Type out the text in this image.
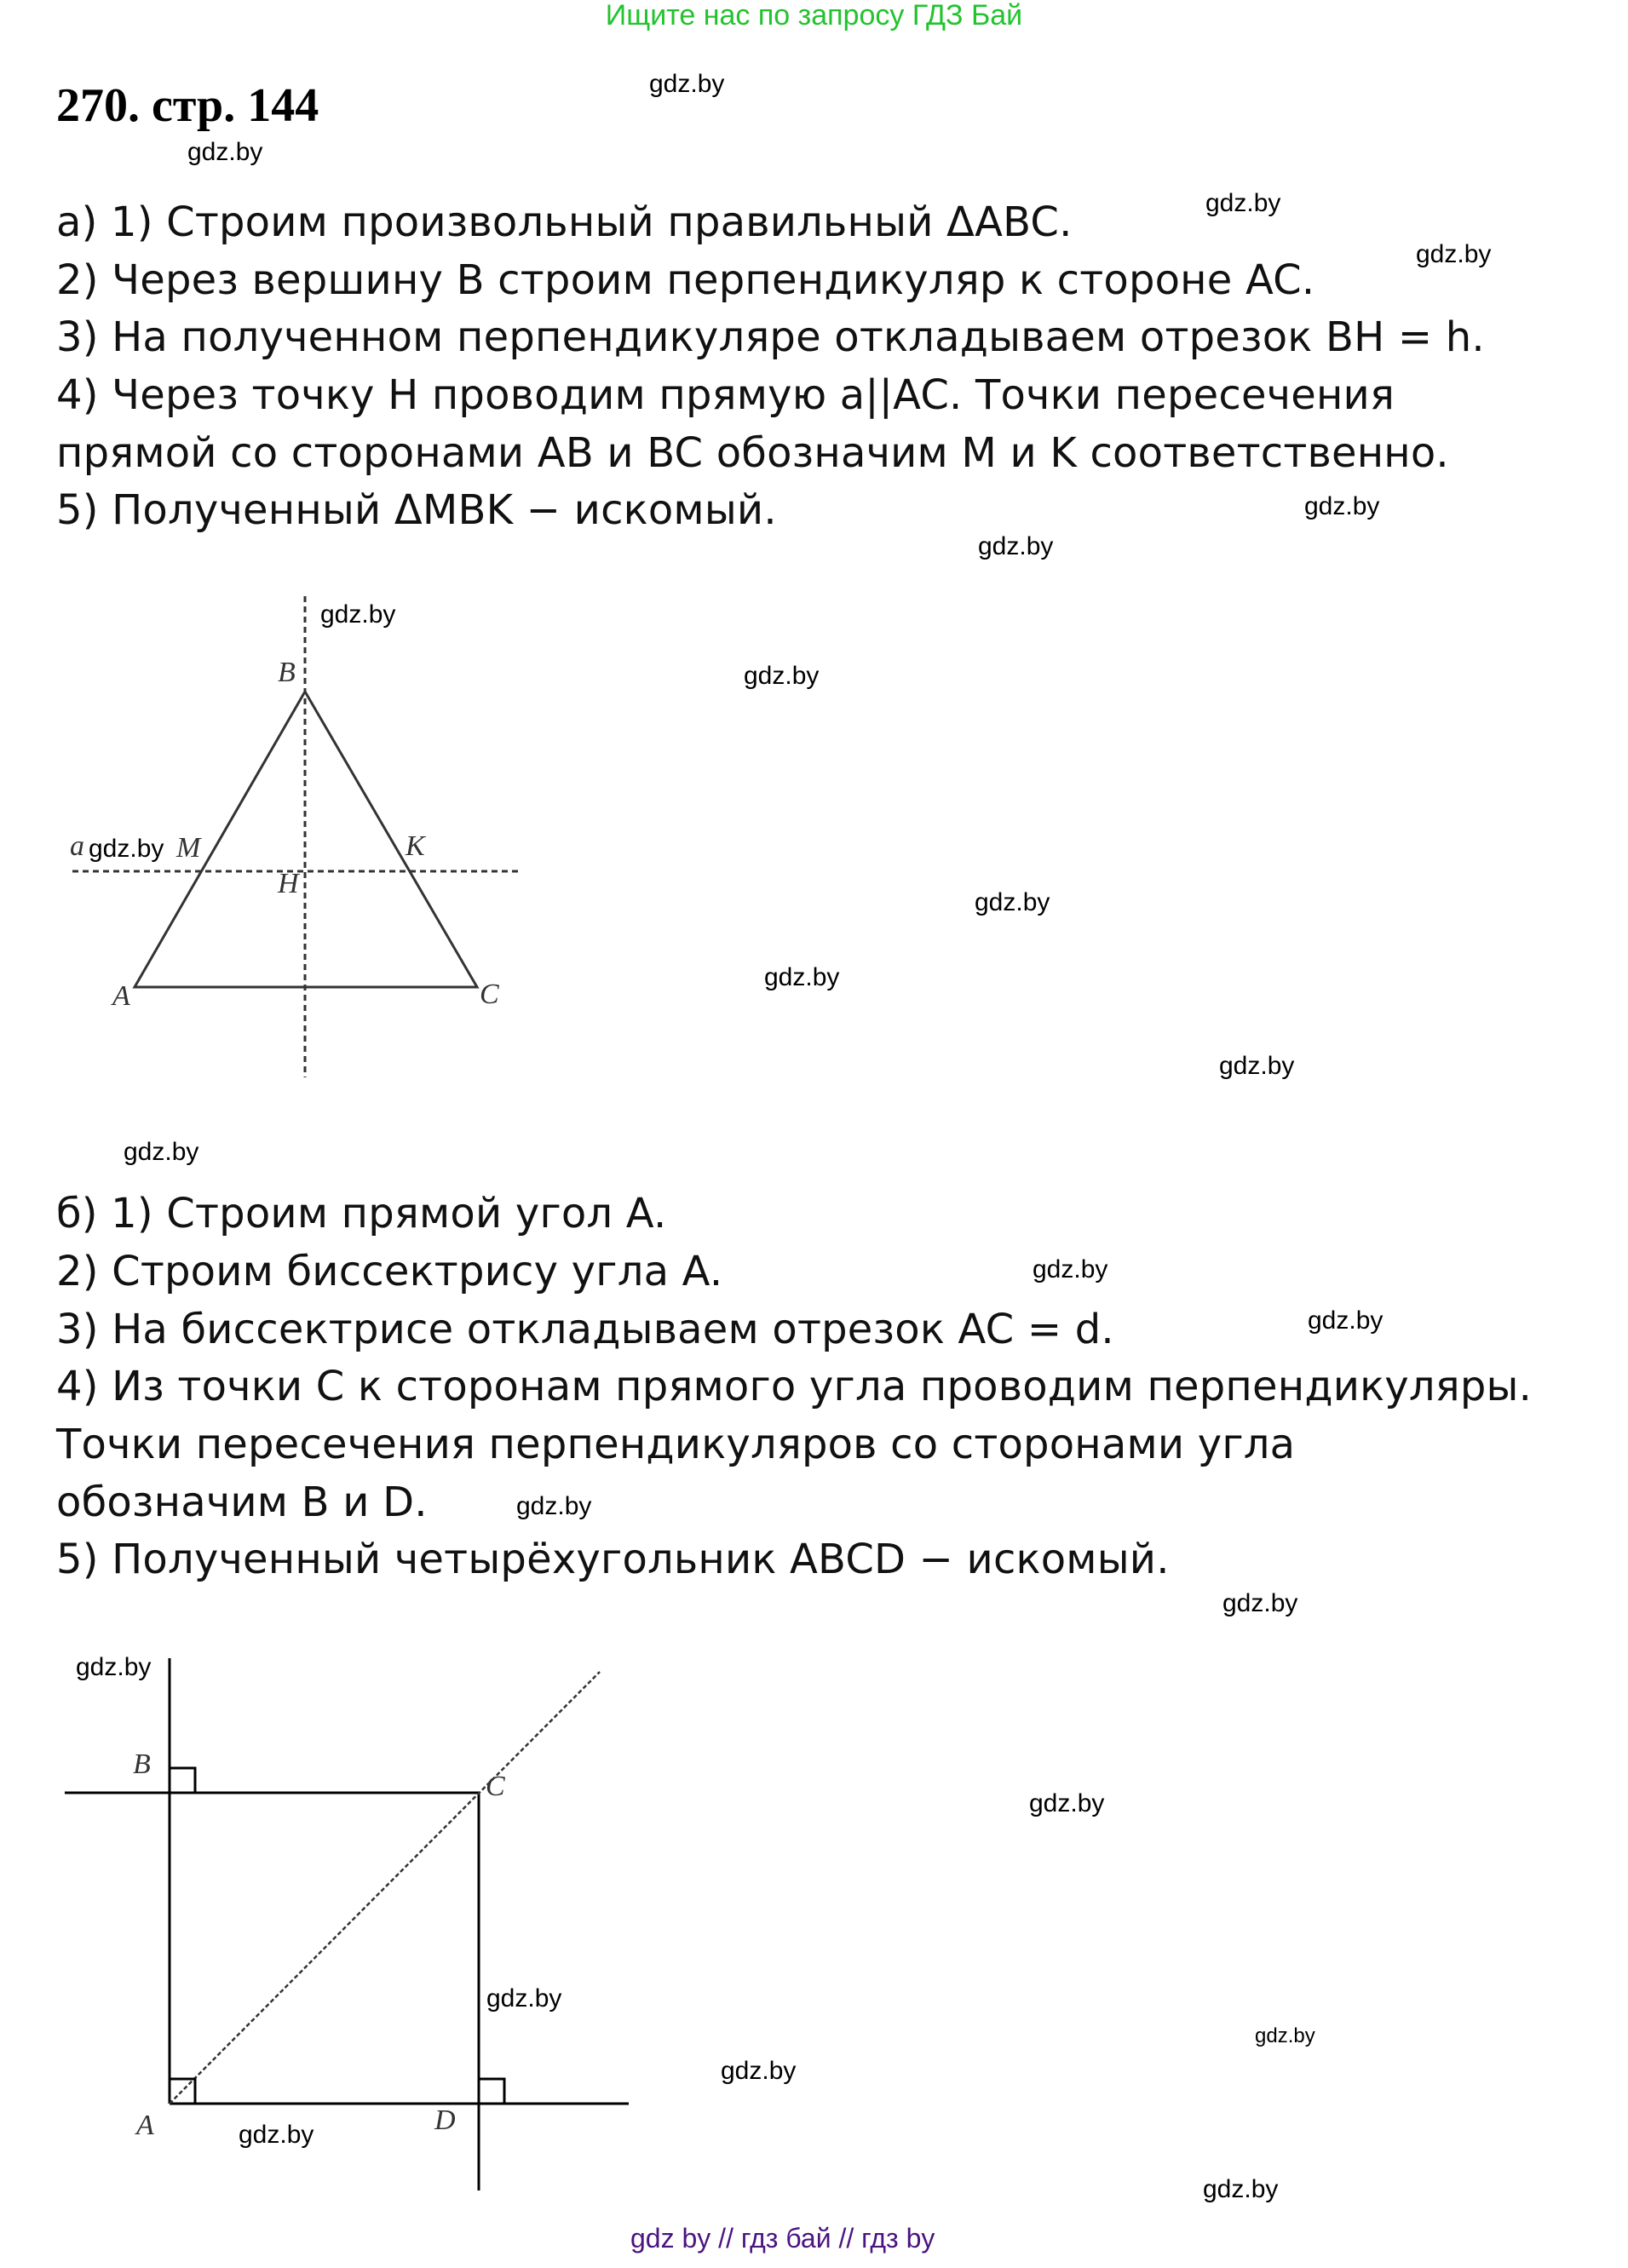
Ищите нас по запросу ГДЗ Бай
270. стр. 144
а) 1) Строим произвольный правильный ΔABC.
2) Через вершину B строим перпендикуляр к стороне AC.
3) На полученном перпендикуляре откладываем отрезок BH = h.
4) Через точку H проводим прямую a||AC. Точки пересечения
прямой со сторонами AB и BC обозначим M и K соответственно.
5) Полученный ΔMBK − искомый.
B
A	C
H
M	K
a
б) 1) Строим прямой угол A.
2) Строим биссектрису угла A.
3) На биссектрисе откладываем отрезок AC = d.
4) Из точки C к сторонам прямого угла проводим перпендикуляры.
Точки пересечения перпендикуляров со сторонами угла
обозначим B и D.
5) Полученный четырёхугольник ABCD − искомый.
B
C
A	D
gdz.by
gdz.by
gdz.by
gdz.by
gdz.by
gdz.by
gdz.by
gdz.by
gdz.by
gdz.by
gdz.by
gdz.by
gdz.by
gdz.by
gdz.by
gdz.by
gdz.by
gdz.by
gdz.by
gdz.by
gdz.by
gdz.by
gdz.by
gdz.by
gdz by // гдз бай // гдз by
